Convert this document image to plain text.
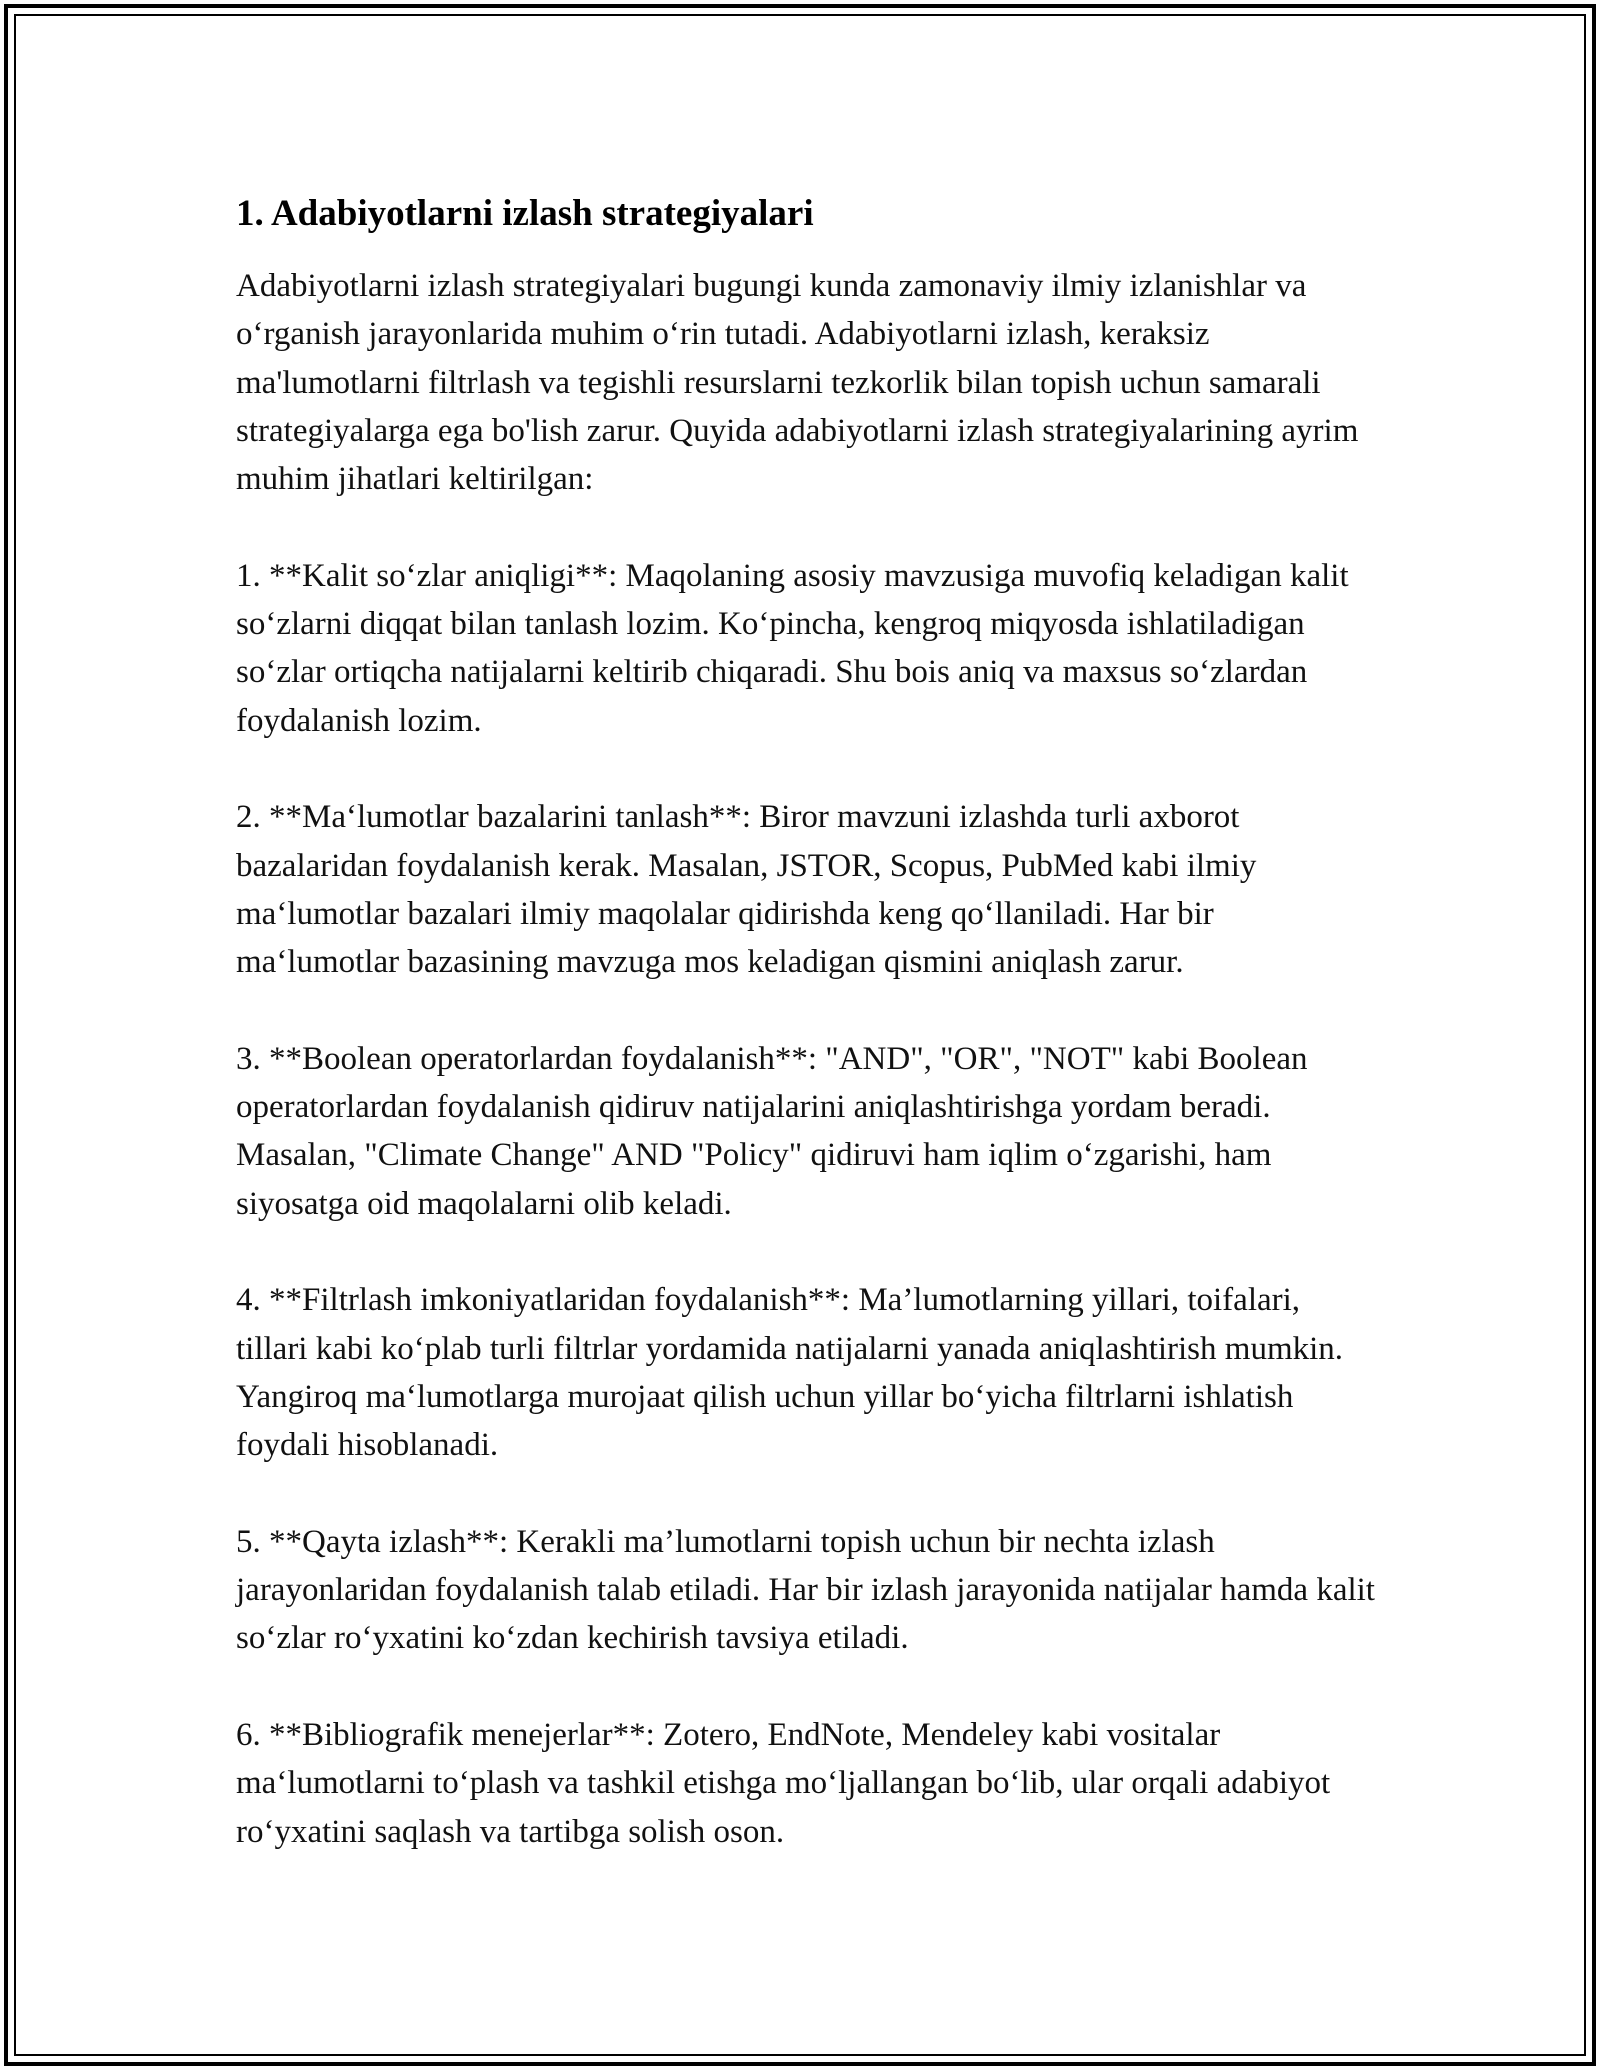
1. Adabiyotlarni izlash strategiyalari

Adabiyotlarni izlash strategiyalari bugungi kunda zamonaviy ilmiy izlanishlar va o‘rganish jarayonlarida muhim o‘rin tutadi. Adabiyotlarni izlash, keraksiz ma'lumotlarni filtrlash va tegishli resurslarni tezkorlik bilan topish uchun samarali strategiyalarga ega bo'lish zarur. Quyida adabiyotlarni izlash strategiyalarining ayrim muhim jihatlari keltirilgan:

1. **Kalit so‘zlar aniqligi**: Maqolaning asosiy mavzusiga muvofiq keladigan kalit so‘zlarni diqqat bilan tanlash lozim. Ko‘pincha, kengroq miqyosda ishlatiladigan so‘zlar ortiqcha natijalarni keltirib chiqaradi. Shu bois aniq va maxsus so‘zlardan foydalanish lozim.

2. **Ma‘lumotlar bazalarini tanlash**: Biror mavzuni izlashda turli axborot bazalaridan foydalanish kerak. Masalan, JSTOR, Scopus, PubMed kabi ilmiy ma‘lumotlar bazalari ilmiy maqolalar qidirishda keng qo‘llaniladi. Har bir ma‘lumotlar bazasining mavzuga mos keladigan qismini aniqlash zarur.

3. **Boolean operatorlardan foydalanish**: "AND", "OR", "NOT" kabi Boolean operatorlardan foydalanish qidiruv natijalarini aniqlashtirishga yordam beradi. Masalan, "Climate Change" AND "Policy" qidiruvi ham iqlim o‘zgarishi, ham siyosatga oid maqolalarni olib keladi.

4. **Filtrlash imkoniyatlaridan foydalanish**: Ma’lumotlarning yillari, toifalari, tillari kabi ko‘plab turli filtrlar yordamida natijalarni yanada aniqlashtirish mumkin. Yangiroq ma‘lumotlarga murojaat qilish uchun yillar bo‘yicha filtrlarni ishlatish foydali hisoblanadi.

5. **Qayta izlash**: Kerakli ma’lumotlarni topish uchun bir nechta izlash jarayonlaridan foydalanish talab etiladi. Har bir izlash jarayonida natijalar hamda kalit so‘zlar ro‘yxatini ko‘zdan kechirish tavsiya etiladi.

6. **Bibliografik menejerlar**: Zotero, EndNote, Mendeley kabi vositalar ma‘lumotlarni to‘plash va tashkil etishga mo‘ljallangan bo‘lib, ular orqali adabiyot ro‘yxatini saqlash va tartibga solish oson.
